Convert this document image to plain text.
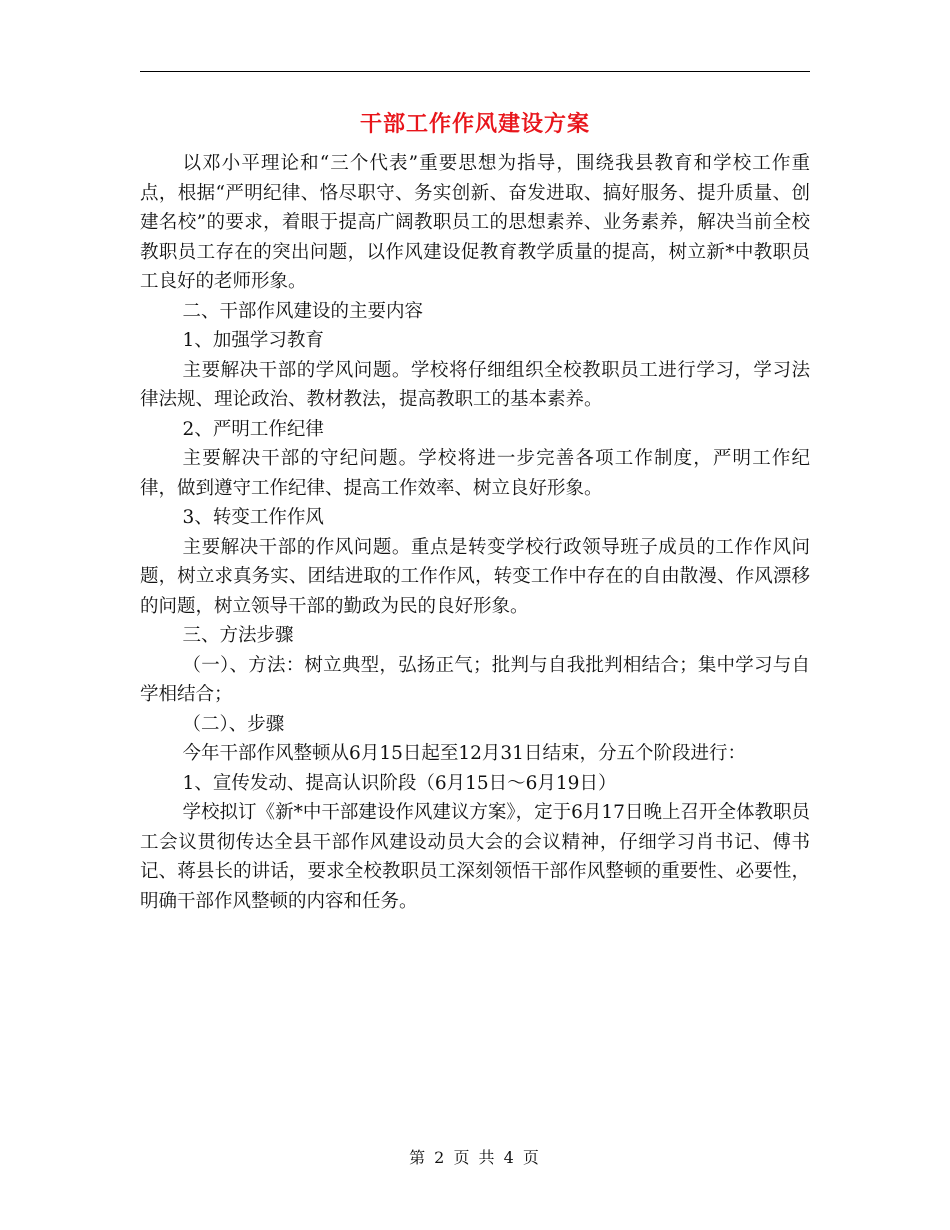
干部工作作风建设方案

以邓小平理论和“三个代表”重要思想为指导，围绕我县教育和学校工作重点，根据“严明纪律、恪尽职守、务实创新、奋发进取、搞好服务、提升质量、创建名校”的要求，着眼于提高广阔教职员工的思想素养、业务素养，解决当前全校教职员工存在的突出问题，以作风建设促教育教学质量的提高，树立新*中教职员工良好的老师形象。

二、干部作风建设的主要内容

1、加强学习教育

主要解决干部的学风问题。学校将仔细组织全校教职员工进行学习，学习法律法规、理论政治、教材教法，提高教职工的基本素养。

2、严明工作纪律

主要解决干部的守纪问题。学校将进一步完善各项工作制度，严明工作纪律，做到遵守工作纪律、提高工作效率、树立良好形象。

3、转变工作作风

主要解决干部的作风问题。重点是转变学校行政领导班子成员的工作作风问题，树立求真务实、团结进取的工作作风，转变工作中存在的自由散漫、作风漂移的问题，树立领导干部的勤政为民的良好形象。

三、方法步骤

（一）、方法：树立典型，弘扬正气；批判与自我批判相结合；集中学习与自学相结合；

（二）、步骤

今年干部作风整顿从6月15日起至12月31日结束，分五个阶段进行：

1、宣传发动、提高认识阶段（6月15日～6月19日）

学校拟订《新*中干部建设作风建议方案》，定于6月17日晚上召开全体教职员工会议贯彻传达全县干部作风建设动员大会的会议精神，仔细学习肖书记、傅书记、蒋县长的讲话，要求全校教职员工深刻领悟干部作风整顿的重要性、必要性，明确干部作风整顿的内容和任务。

第 2 页 共 4 页
